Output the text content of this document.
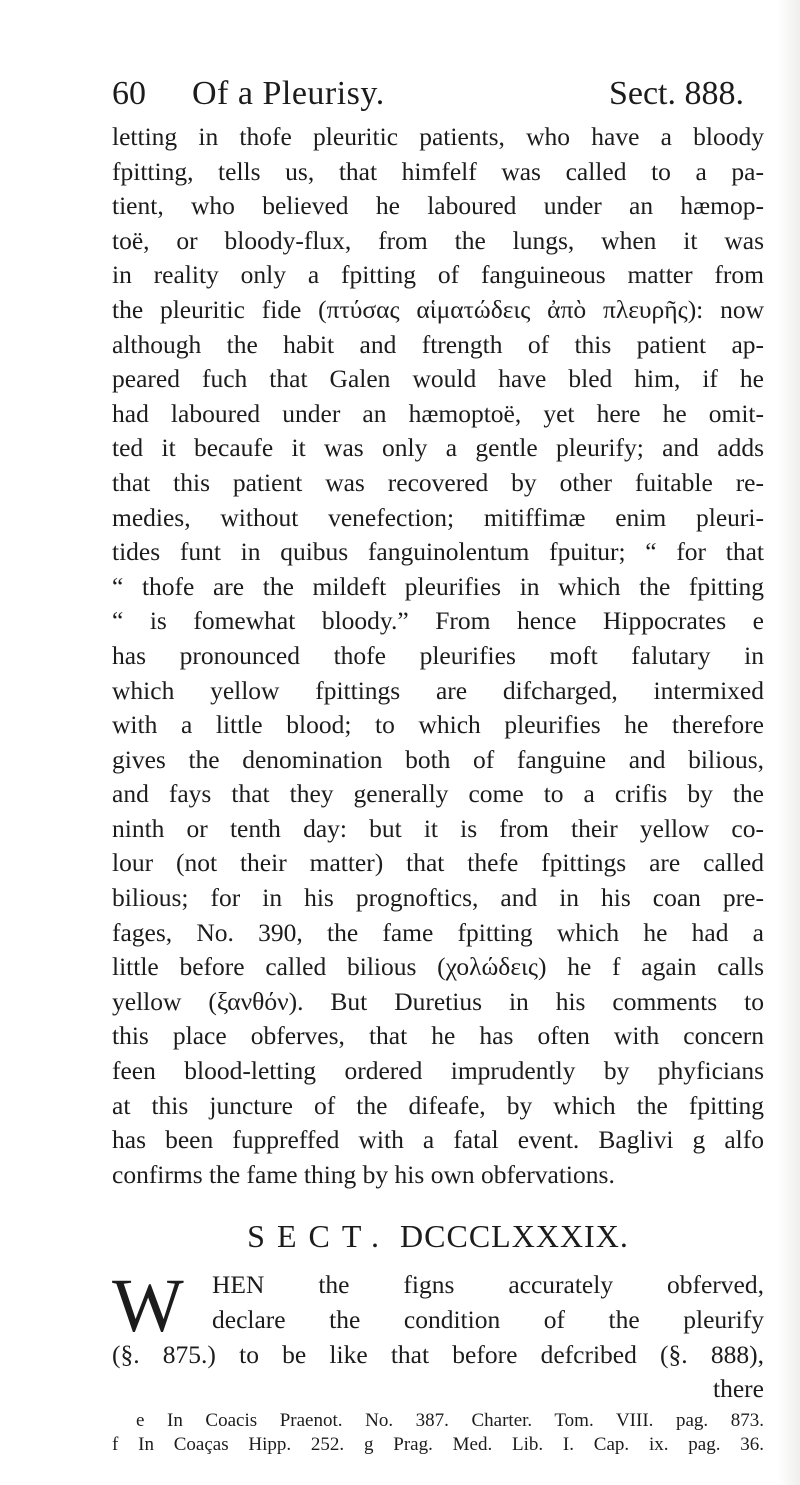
60 Of a Pleurisy.	Sect. 888.
letting in thofe pleuritic patients, who have a bloody
fpitting, tells us, that himfelf was called to a pa-
tient, who believed he laboured under an hæmop-
toë, or bloody-flux, from the lungs, when it was
in reality only a fpitting of fanguineous matter from
the pleuritic fide (πτύσας αἱματώδεις ἀπὸ πλευρῆς): now
although the habit and ftrength of this patient ap-
peared fuch that Galen would have bled him, if he
had laboured under an hæmoptoë, yet here he omit-
ted it becaufe it was only a gentle pleurify; and adds
that this patient was recovered by other fuitable re-
medies, without venefection; mitiffimæ enim pleuri-
tides funt in quibus fanguinolentum fpuitur; “ for that
“ thofe are the mildeft pleurifies in which the fpitting
“ is fomewhat bloody.” From hence Hippocrates e
has pronounced thofe pleurifies moft falutary in
which yellow fpittings are difcharged, intermixed
with a little blood; to which pleurifies he therefore
gives the denomination both of fanguine and bilious,
and fays that they generally come to a crifis by the
ninth or tenth day: but it is from their yellow co-
lour (not their matter) that thefe fpittings are called
bilious; for in his prognoftics, and in his coan pre-
fages, No. 390, the fame fpitting which he had a
little before called bilious (χολώδεις) he f again calls
yellow (ξανθόν). But Duretius in his comments to
this place obferves, that he has often with concern
feen blood-letting ordered imprudently by phyficians
at this juncture of the difeafe, by which the fpitting
has been fuppreffed with a fatal event. Baglivi g alfo
confirms the fame thing by his own obfervations.
SECT. DCCCLXXXIX.
W	HEN the figns accurately obferved,
declare the condition of the pleurify
(§. 875.) to be like that before defcribed (§. 888),
there
e In Coacis Praenot. No. 387. Charter. Tom. VIII. pag. 873.
f In Coaças Hipp. 252. g Prag. Med. Lib. I. Cap. ix. pag. 36.
